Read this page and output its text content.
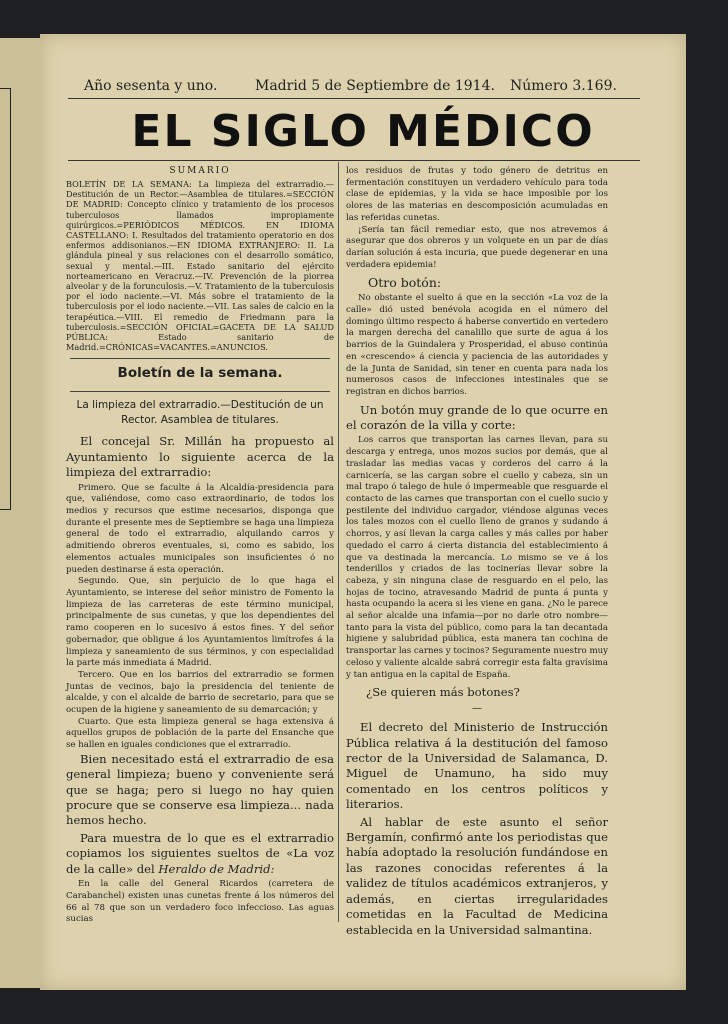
Año sesenta y uno.	Madrid 5 de Septiembre de 1914. Número 3.169.
EL SIGLO MÉDICO
SUMARIO
BOLETÍN DE LA SEMANA: La limpieza del extrarradio.—Destitución de un Rector.—Asamblea de titulares.=SECCIÓN DE MADRID: Concepto clínico y tratamiento de los procesos tuberculosos llamados impropiamente quirúrgicos.=PERIÓDICOS MÉDICOS. EN IDIOMA CASTELLANO: I. Resultados del tratamiento operatorio en dos enfermos addisonianos.—EN IDIOMA EXTRANJERO: II. La glándula pineal y sus relaciones con el desarrollo somático, sexual y mental.—III. Estado sanitario del ejército norteamericano en Veracruz.—IV. Prevención de la piorrea alveolar y de la forunculosis.—V. Tratamiento de la tuberculosis por el iodo naciente.—VI. Más sobre el tratamiento de la tuberculosis por el iodo naciente.—VII. Las sales de calcio en la terapéutica.—VIII. El remedio de Friedmann para la tuberculosis.=SECCIÓN OFICIAL=GACETA DE LA SALUD PÚBLICA: Estado sanitario de Madrid.=CRÓNICAS=VACANTES.=ANUNCIOS.
Boletín de la semana.
La limpieza del extrarradio.—Destitución de un Rector. Asamblea de titulares.

El concejal Sr. Millán ha propuesto al Ayuntamiento lo siguiente acerca de la limpieza del extrarradio:

Primero. Que se faculte á la Alcaldía-presidencia para que, valiéndose, como caso extraordinario, de todos los medios y recursos que estime necesarios, disponga que durante el presente mes de Septiembre se haga una limpieza general de todo el extrarradio, alquilando carros y admitiendo obreros eventuales, si, como es sabido, los elementos actuales municipales son insuficientes ó no pueden destinarse á esta operación.

Segundo. Que, sin perjuicio de lo que haga el Ayuntamiento, se interese del señor ministro de Fomento la limpieza de las carreteras de este término municipal, principalmente de sus cunetas, y que los dependientes del ramo cooperen en lo sucesivo á estos fines. Y del señor gobernador, que obligue á los Ayuntamientos limítrofes á la limpieza y saneamiento de sus términos, y con especialidad la parte más inmediata á Madrid.

Tercero. Que en los barrios del extrarradio se formen Juntas de vecinos, bajo la presidencia del teniente de alcalde, y con el alcalde de barrio de secretario, para que se ocupen de la higiene y saneamiento de su demarcación; y

Cuarto. Que esta limpieza general se haga extensiva á aquellos grupos de población de la parte del Ensanche que se hallen en iguales condiciones que el extrarradio.

Bien necesitado está el extrarradio de esa general limpieza; bueno y conveniente será que se haga; pero si luego no hay quien procure que se conserve esa limpieza... nada hemos hecho.

Para muestra de lo que es el extrarradio copiamos los siguientes sueltos de «La voz de la calle» del Heraldo de Madrid:

En la calle del General Ricardos (carretera de Carabanchel) existen unas cunetas frente á los números del 66 al 78 que son un verdadero foco infeccioso. Las aguas sucias

los residuos de frutas y todo género de detritus en fermentación constituyen un verdadero vehículo para toda clase de epidemias, y la vida se hace imposible por los olores de las materias en descomposición acumuladas en las referidas cunetas.

¡Sería tan fácil remediar esto, que nos atrevemos á asegurar que dos obreros y un volquete en un par de días darían solución á esta incuria, que puede degenerar en una verdadera epidemia!

Otro botón:

No obstante el suelto á que en la sección «La voz de la calle» dió usted benévola acogida en el número del domingo último respecto á haberse convertido en vertedero la margen derecha del canalillo que surte de agua á los barrios de la Guindalera y Prosperidad, el abuso continúa en «crescendo» á ciencia y paciencia de las autoridades y de la Junta de Sanidad, sin tener en cuenta para nada los numerosos casos de infecciones intestinales que se registran en dichos barrios.

Un botón muy grande de lo que ocurre en el corazón de la villa y corte:

Los carros que transportan las carnes llevan, para su descarga y entrega, unos mozos sucios por demás, que al trasladar las medias vacas y corderos del carro á la carnicería, se las cargan sobre el cuello y cabeza, sin un mal trapo ó talego de hule ó impermeable que resguarde el contacto de las carnes que transportan con el cuello sucio y pestilente del individuo cargador, viéndose algunas veces los tales mozos con el cuello lleno de granos y sudando á chorros, y así llevan la carga calles y más calles por haber quedado el carro á cierta distancia del establecimiento á que va destinada la mercancía. Lo mismo se ve á los tenderillos y criados de las tocinerías llevar sobre la cabeza, y sin ninguna clase de resguardo en el pelo, las hojas de tocino, atravesando Madrid de punta á punta y hasta ocupando la acera si les viene en gana. ¿No le parece al señor alcalde una infamia—por no darle otro nombre—tanto para la vista del público, como para la tan decantada higiene y salubridad pública, esta manera tan cochina de transportar las carnes y tocinos? Seguramente nuestro muy celoso y valiente alcalde sabrá corregir esta falta gravísima y tan antigua en la capital de España.

¿Se quieren más botones?
—

El decreto del Ministerio de Instrucción Pública relativa á la destitución del famoso rector de la Universidad de Salamanca, D. Miguel de Unamuno, ha sido muy comentado en los centros políticos y literarios.

Al hablar de este asunto el señor Bergamín, confirmó ante los periodistas que había adoptado la resolución fundándose en las razones conocidas referentes á la validez de títulos académicos extranjeros, y además, en ciertas irregularidades cometidas en la Facultad de Medicina establecida en la Universidad salmantina.
